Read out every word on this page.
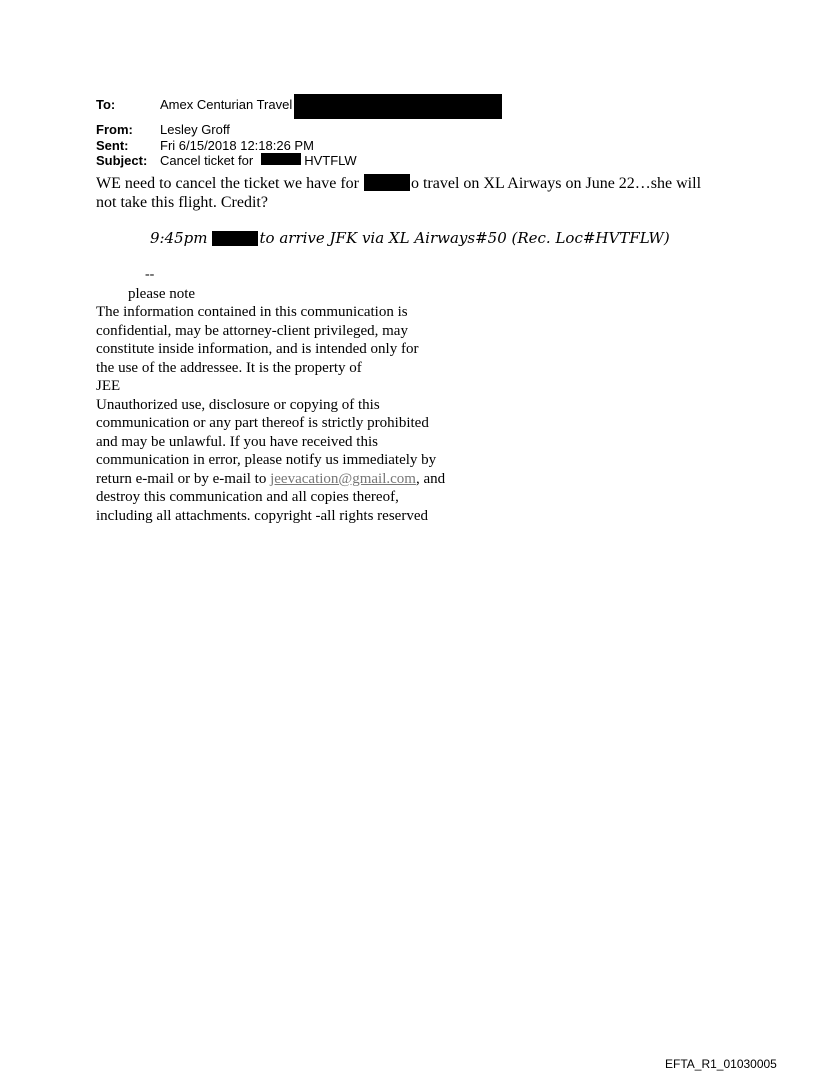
To:	Amex Centurian Travel
From:	Lesley Groff
Sent:	Fri 6/15/2018 12:18:26 PM
Subject: Cancel ticket for	HVTFLW
WE need to cancel the ticket we have for	o travel on XL Airways on June 22…she will
not take this flight. Credit?
9:45pm	to arrive JFK via XL Airways#50 (Rec. Loc#HVTFLW)
--
please note
The information contained in this communication is
confidential, may be attorney-client privileged, may
constitute inside information, and is intended only for
the use of the addressee. It is the property of
JEE
Unauthorized use, disclosure or copying of this
communication or any part thereof is strictly prohibited
and may be unlawful. If you have received this
communication in error, please notify us immediately by
return e-mail or by e-mail to jeevacation@gmail.com, and
destroy this communication and all copies thereof,
including all attachments. copyright -all rights reserved
EFTA_R1_01030005
